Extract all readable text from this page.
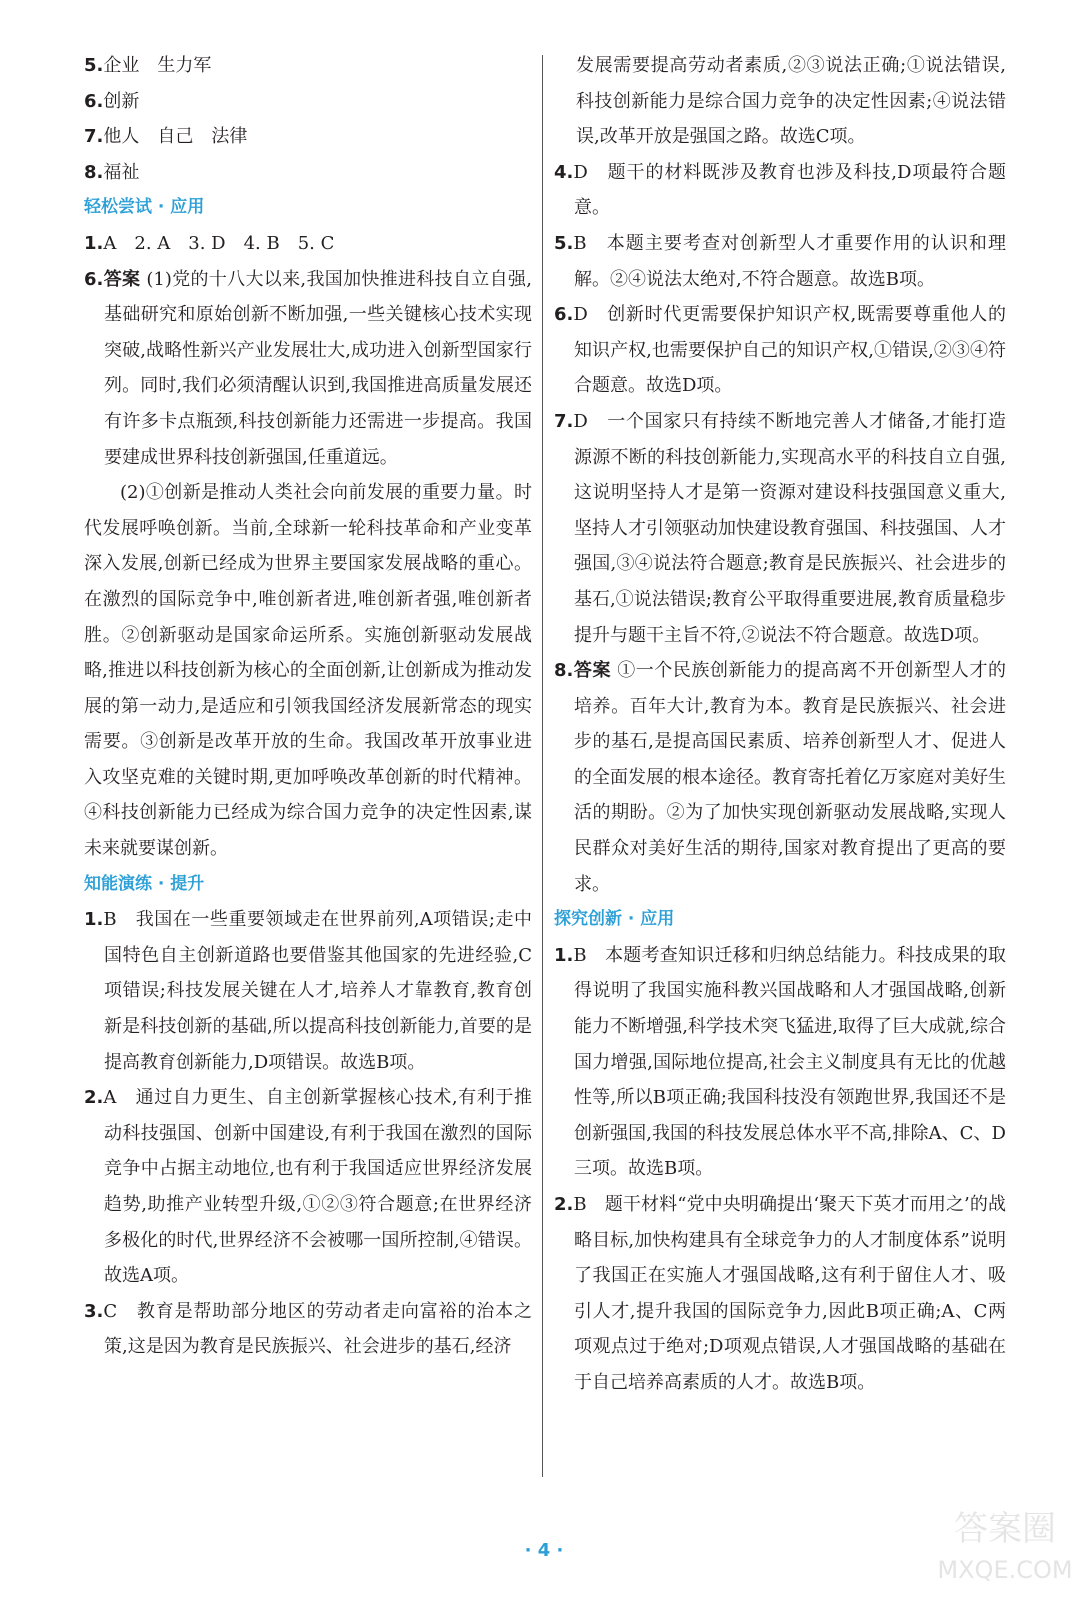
5.企业　生力军

6.创新

7.他人　自己　法律

8.福祉

轻松尝试 · 应用

1.A　2. A　3. D　4. B　5. C

6.答案 (1)党的十八大以来,我国加快推进科技自立自强,基础研究和原始创新不断加强,一些关键核心技术实现突破,战略性新兴产业发展壮大,成功进入创新型国家行列。同时,我们必须清醒认识到,我国推进高质量发展还有许多卡点瓶颈,科技创新能力还需进一步提高。我国要建成世界科技创新强国,任重道远。

(2)①创新是推动人类社会向前发展的重要力量。时代发展呼唤创新。当前,全球新一轮科技革命和产业变革深入发展,创新已经成为世界主要国家发展战略的重心。在激烈的国际竞争中,唯创新者进,唯创新者强,唯创新者胜。②创新驱动是国家命运所系。实施创新驱动发展战略,推进以科技创新为核心的全面创新,让创新成为推动发展的第一动力,是适应和引领我国经济发展新常态的现实需要。③创新是改革开放的生命。我国改革开放事业进入攻坚克难的关键时期,更加呼唤改革创新的时代精神。④科技创新能力已经成为综合国力竞争的决定性因素,谋未来就要谋创新。

知能演练 · 提升

1.B　我国在一些重要领域走在世界前列,A项错误;走中国特色自主创新道路也要借鉴其他国家的先进经验,C项错误;科技发展关键在人才,培养人才靠教育,教育创新是科技创新的基础,所以提高科技创新能力,首要的是提高教育创新能力,D项错误。故选B项。

2.A　通过自力更生、自主创新掌握核心技术,有利于推动科技强国、创新中国建设,有利于我国在激烈的国际竞争中占据主动地位,也有利于我国适应世界经济发展趋势,助推产业转型升级,①②③符合题意;在世界经济多极化的时代,世界经济不会被哪一国所控制,④错误。故选A项。

3.C　教育是帮助部分地区的劳动者走向富裕的治本之策,这是因为教育是民族振兴、社会进步的基石,经济

发展需要提高劳动者素质,②③说法正确;①说法错误,科技创新能力是综合国力竞争的决定性因素;④说法错误,改革开放是强国之路。故选C项。

4.D　题干的材料既涉及教育也涉及科技,D项最符合题意。

5.B　本题主要考查对创新型人才重要作用的认识和理解。②④说法太绝对,不符合题意。故选B项。

6.D　创新时代更需要保护知识产权,既需要尊重他人的知识产权,也需要保护自己的知识产权,①错误,②③④符合题意。故选D项。

7.D　一个国家只有持续不断地完善人才储备,才能打造源源不断的科技创新能力,实现高水平的科技自立自强,这说明坚持人才是第一资源对建设科技强国意义重大,坚持人才引领驱动加快建设教育强国、科技强国、人才强国,③④说法符合题意;教育是民族振兴、社会进步的基石,①说法错误;教育公平取得重要进展,教育质量稳步提升与题干主旨不符,②说法不符合题意。故选D项。

8.答案 ①一个民族创新能力的提高离不开创新型人才的培养。百年大计,教育为本。教育是民族振兴、社会进步的基石,是提高国民素质、培养创新型人才、促进人的全面发展的根本途径。教育寄托着亿万家庭对美好生活的期盼。②为了加快实现创新驱动发展战略,实现人民群众对美好生活的期待,国家对教育提出了更高的要求。

探究创新 · 应用

1.B　本题考查知识迁移和归纳总结能力。科技成果的取得说明了我国实施科教兴国战略和人才强国战略,创新能力不断增强,科学技术突飞猛进,取得了巨大成就,综合国力增强,国际地位提高,社会主义制度具有无比的优越性等,所以B项正确;我国科技没有领跑世界,我国还不是创新强国,我国的科技发展总体水平不高,排除A、C、D三项。故选B项。

2.B　题干材料“党中央明确提出‘聚天下英才而用之’的战略目标,加快构建具有全球竞争力的人才制度体系”说明了我国正在实施人才强国战略,这有利于留住人才、吸引人才,提升我国的国际竞争力,因此B项正确;A、C两项观点过于绝对;D项观点错误,人才强国战略的基础在于自己培养高素质的人才。故选B项。

· 4 ·
答案圈
MXQE.COM
